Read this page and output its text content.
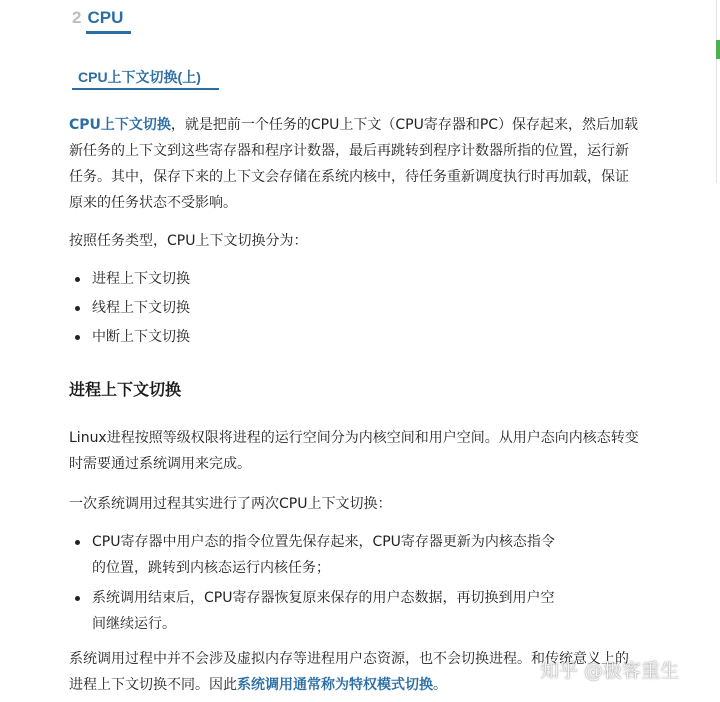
2 CPU
CPU上下文切换(上)

CPU上下文切换，就是把前一个任务的CPU上下文（CPU寄存器和PC）保存起来，然后加载
新任务的上下文到这些寄存器和程序计数器，最后再跳转到程序计数器所指的位置，运行新
任务。其中，保存下来的上下文会存储在系统内核中，待任务重新调度执行时再加载，保证
原来的任务状态不受影响。

按照任务类型，CPU上下文切换分为：

进程上下文切换
线程上下文切换
中断上下文切换
进程上下文切换

Linux进程按照等级权限将进程的运行空间分为内核空间和用户空间。从用户态向内核态转变
时需要通过系统调用来完成。

一次系统调用过程其实进行了两次CPU上下文切换：

CPU寄存器中用户态的指令位置先保存起来，CPU寄存器更新为内核态指令
的位置，跳转到内核态运行内核任务；
系统调用结束后，CPU寄存器恢复原来保存的用户态数据，再切换到用户空
间继续运行。

系统调用过程中并不会涉及虚拟内存等进程用户态资源，也不会切换进程。和传统意义上的
进程上下文切换不同。因此系统调用通常称为特权模式切换。

知乎 @极客重生
